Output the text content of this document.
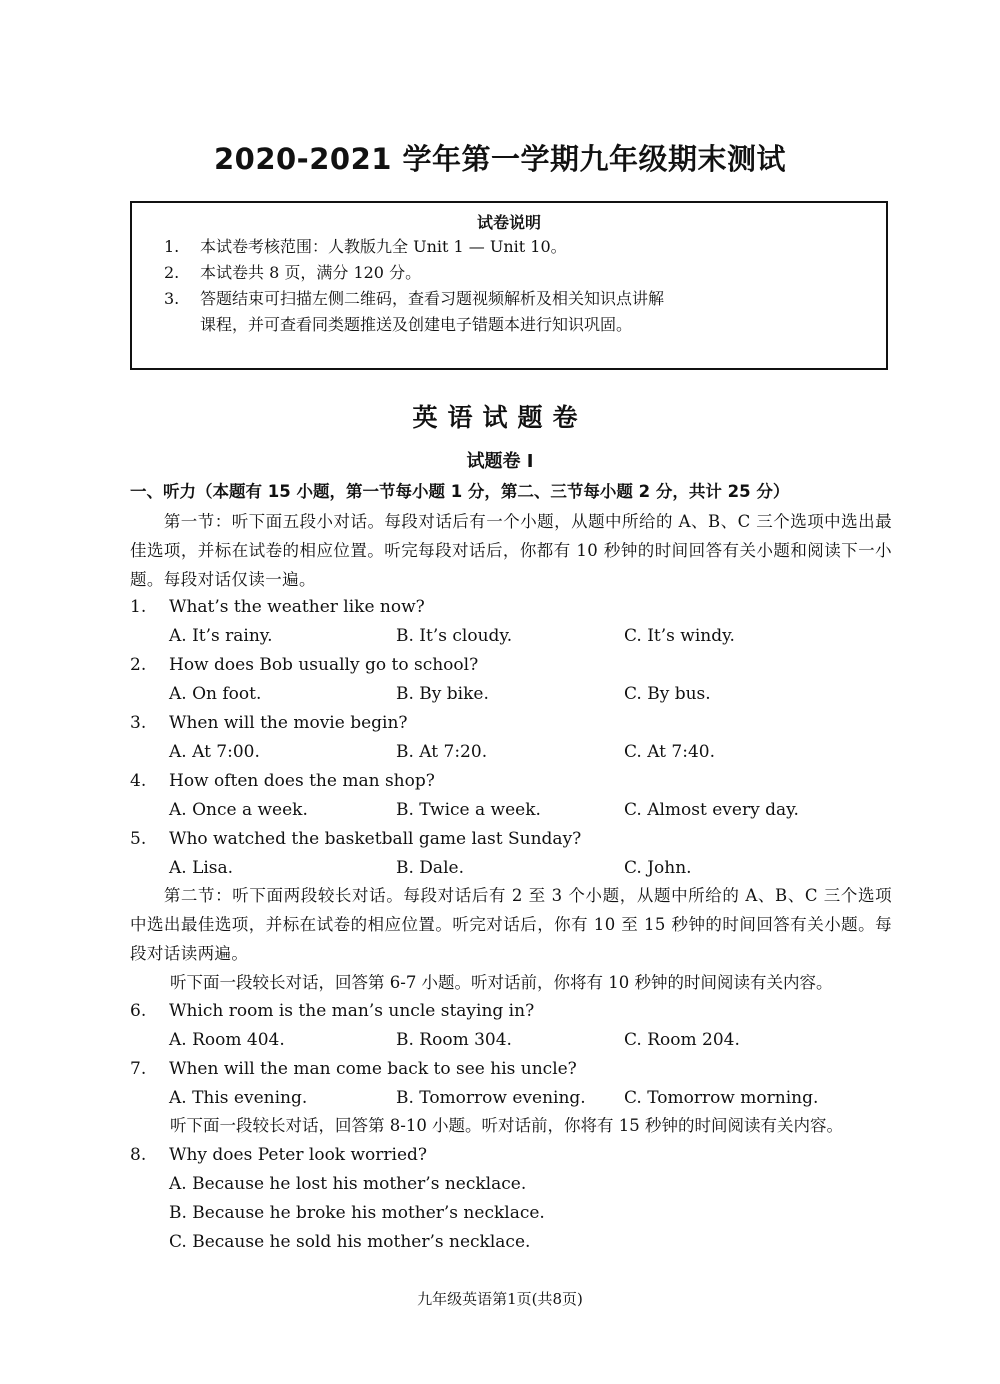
2020-2021 学年第一学期九年级期末测试
试卷说明
1. 本试卷考核范围：人教版九全 Unit 1 — Unit 10。
2. 本试卷共 8 页，满分 120 分。
3. 答题结束可扫描左侧二维码，查看习题视频解析及相关知识点讲解
课程，并可查看同类题推送及创建电子错题本进行知识巩固。
英语试题卷
试题卷 I
一、听力（本题有 15 小题，第一节每小题 1 分，第二、三节每小题 2 分，共计 25 分）
第一节：听下面五段小对话。每段对话后有一个小题，从题中所给的 A、B、C 三个选项中选出最佳选项，并标在试卷的相应位置。听完每段对话后，你都有 10 秒钟的时间回答有关小题和阅读下一小题。每段对话仅读一遍。
1. What’s the weather like now?
A. It’s rainy.	B. It’s cloudy.	C. It’s windy.
2. How does Bob usually go to school?
A. On foot.	B. By bike.	C. By bus.
3. When will the movie begin?
A. At 7:00.	B. At 7:20.	C. At 7:40.
4. How often does the man shop?
A. Once a week.	B. Twice a week.	C. Almost every day.
5. Who watched the basketball game last Sunday?
A. Lisa.	B. Dale.	C. John.
第二节：听下面两段较长对话。每段对话后有 2 至 3 个小题，从题中所给的 A、B、C 三个选项中选出最佳选项，并标在试卷的相应位置。听完对话后，你有 10 至 15 秒钟的时间回答有关小题。每段对话读两遍。
听下面一段较长对话，回答第 6-7 小题。听对话前，你将有 10 秒钟的时间阅读有关内容。
6. Which room is the man’s uncle staying in?
A. Room 404.	B. Room 304.	C. Room 204.
7. When will the man come back to see his uncle?
A. This evening.	B. Tomorrow evening. C. Tomorrow morning.
听下面一段较长对话，回答第 8-10 小题。听对话前，你将有 15 秒钟的时间阅读有关内容。
8. Why does Peter look worried?
A. Because he lost his mother’s necklace.
B. Because he broke his mother’s necklace.
C. Because he sold his mother’s necklace.
九年级英语第1页(共8页)
